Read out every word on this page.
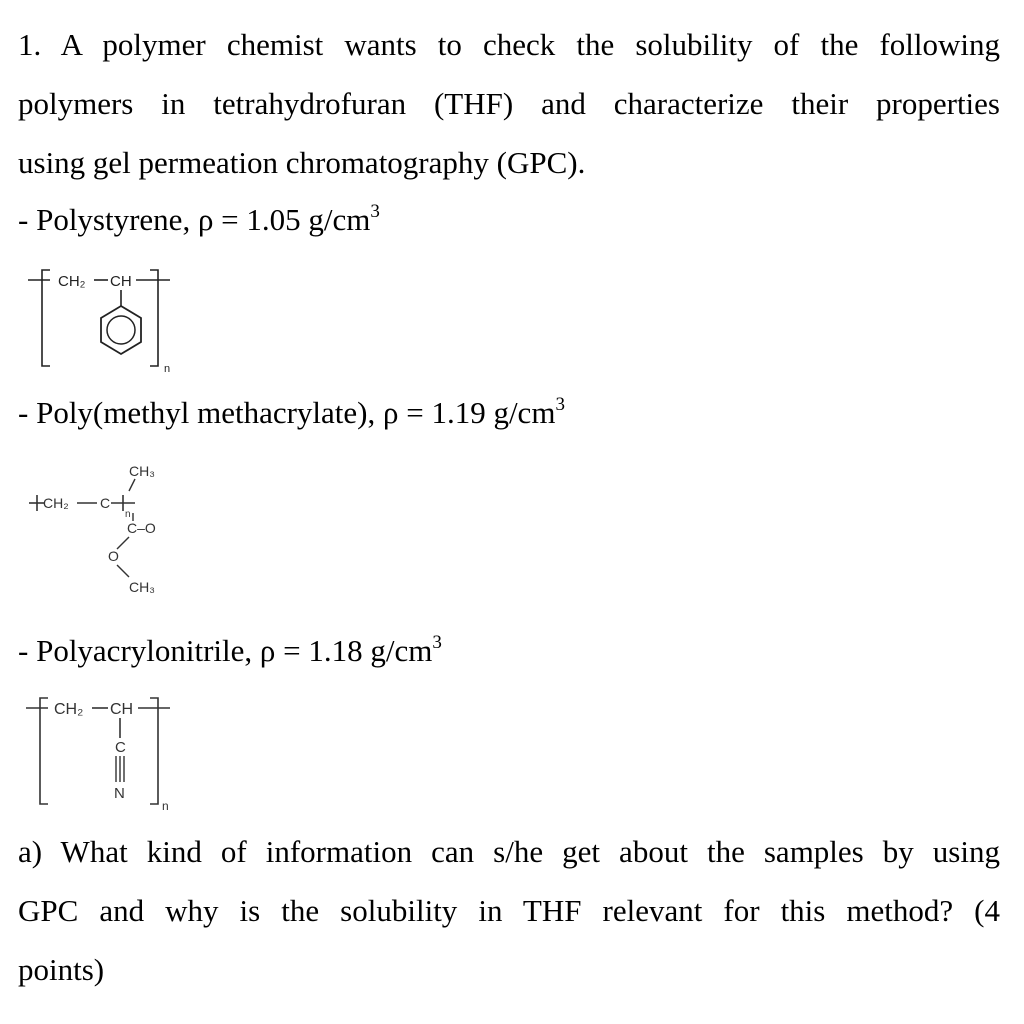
1. A polymer chemist wants to check the solubility of the following
polymers in tetrahydrofuran (THF) and characterize their properties
using gel permeation chromatography (GPC).
- Polystyrene, ρ = 1.05 $g/cm^3$
CH₂ CH
n
- Poly(methyl methacrylate), ρ = 1.19 $g/cm^3$
CH₃
CH₂ C
n
C–O
O
CH₃
- Polyacrylonitrile, ρ = 1.18 $g/cm^3$
CH₂ CH
n
C
N
a) What kind of information can s/he get about the samples by using
GPC and why is the solubility in THF relevant for this method? (4
points)
